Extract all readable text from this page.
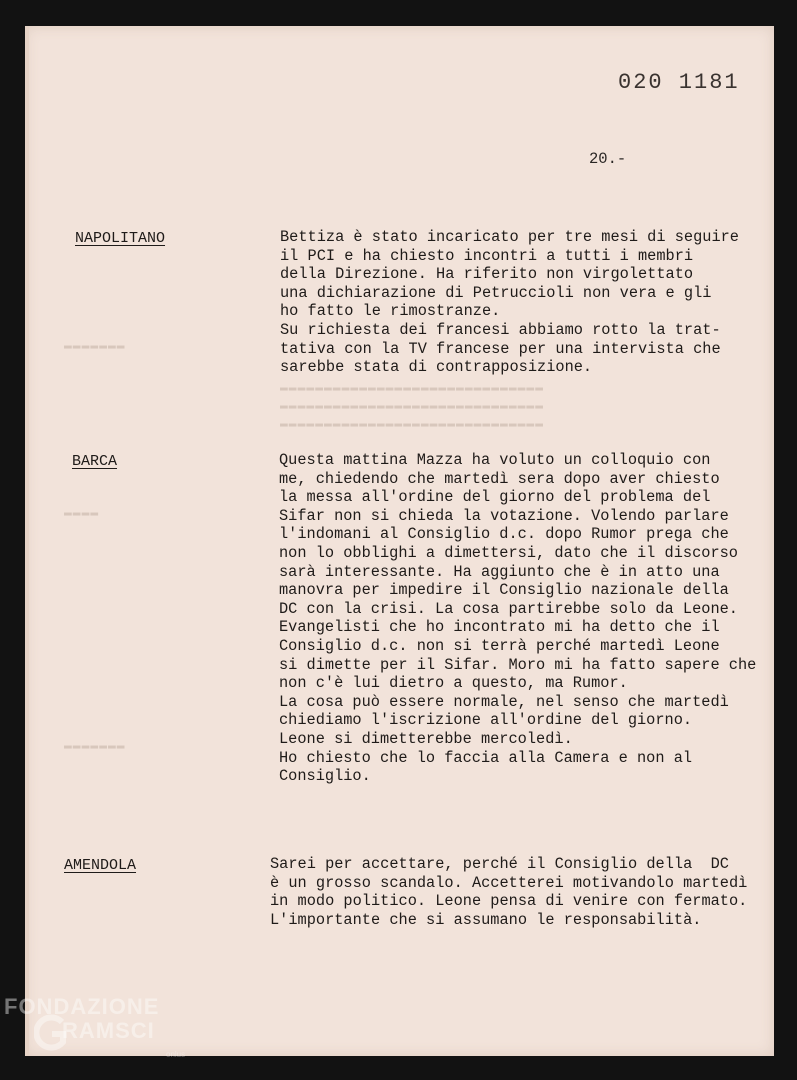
▬▬▬▬▬▬▬
▬▬▬▬
▬▬▬▬▬▬▬
▬▬▬▬▬▬▬▬▬▬▬▬▬▬▬▬▬▬▬▬▬▬▬▬▬▬▬▬▬▬
▬▬▬▬▬▬▬▬▬▬▬▬▬▬▬▬▬▬▬▬▬▬▬▬▬▬▬▬▬▬
▬▬▬▬▬▬▬▬▬▬▬▬▬▬▬▬▬▬▬▬▬▬▬▬▬▬▬▬▬▬
020 1181
20.-
NAPOLITANO	Bettiza è stato incaricato per tre mesi di seguire
il PCI e ha chiesto incontri a tutti i membri
della Direzione. Ha riferito non virgolettato
una dichiarazione di Petruccioli non vera e gli
ho fatto le rimostranze.
Su richiesta dei francesi abbiamo rotto la trat-
tativa con la TV francese per una intervista che
sarebbe stata di contrapposizione.
BARCA	Questa mattina Mazza ha voluto un colloquio con
me, chiedendo che martedì sera dopo aver chiesto
la messa all'ordine del giorno del problema del
Sifar non si chieda la votazione. Volendo parlare
l'indomani al Consiglio d.c. dopo Rumor prega che
non lo obblighi a dimettersi, dato che il discorso
sarà interessante. Ha aggiunto che è in atto una
manovra per impedire il Consiglio nazionale della
DC con la crisi. La cosa partirebbe solo da Leone.
Evangelisti che ho incontrato mi ha detto che il
Consiglio d.c. non si terrà perché martedì Leone
si dimette per il Sifar. Moro mi ha fatto sapere che
non c'è lui dietro a questo, ma Rumor.
La cosa può essere normale, nel senso che martedì
chiediamo l'iscrizione all'ordine del giorno.
Leone si dimetterebbe mercoledì.
Ho chiesto che lo faccia alla Camera e non al
Consiglio.
AMENDOLA	Sarei per accettare, perché il Consiglio della  DC
è un grosso scandalo. Accetterei motivandolo martedì
in modo politico. Leone pensa di venire con fermato.
L'importante che si assumano le responsabilità.
FONDAZIONE
RAMSCI
onlus
